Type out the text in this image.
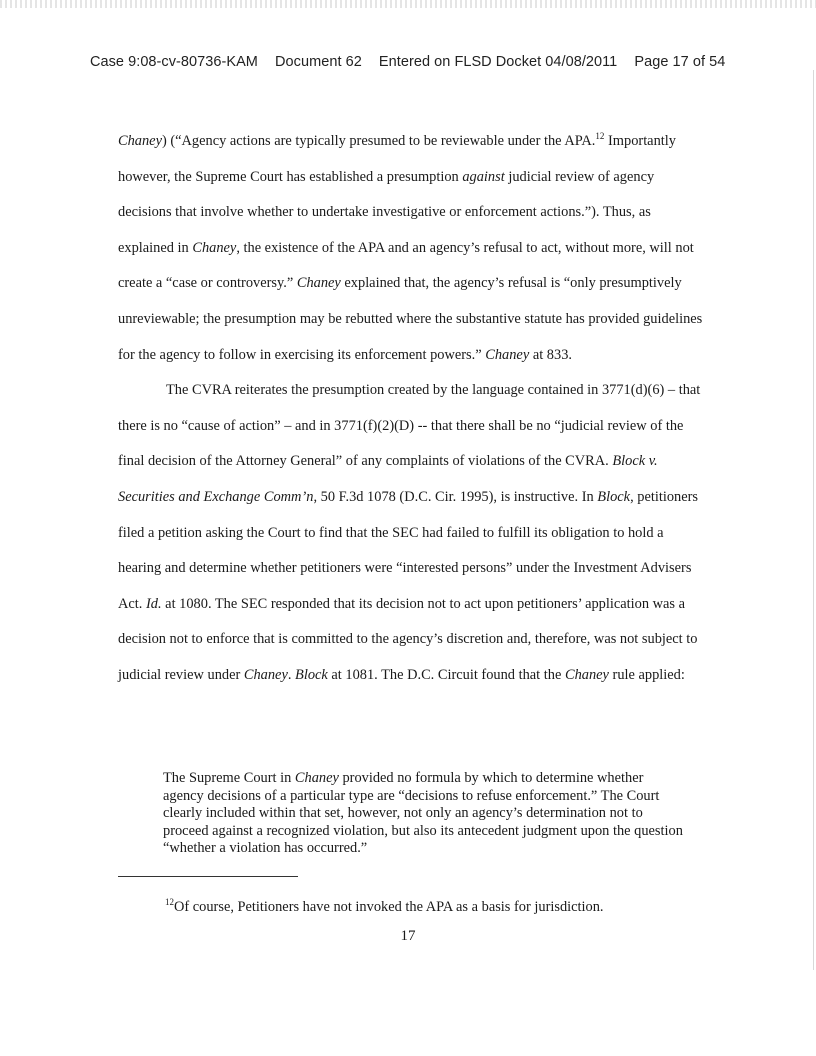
Case 9:08-cv-80736-KAM Document 62 Entered on FLSD Docket 04/08/2011 Page 17 of 54

Chaney) (“Agency actions are typically presumed to be reviewable under the APA.$^{12}$ Importantly however, the Supreme Court has established a presumption against judicial review of agency decisions that involve whether to undertake investigative or enforcement actions.”). Thus, as explained in Chaney, the existence of the APA and an agency’s refusal to act, without more, will not create a “case or controversy.” Chaney explained that, the agency’s refusal is “only presumptively unreviewable; the presumption may be rebutted where the substantive statute has provided guidelines for the agency to follow in exercising its enforcement powers.” Chaney at 833.

The CVRA reiterates the presumption created by the language contained in 3771(d)(6) – that there is no “cause of action” – and in 3771(f)(2)(D) -- that there shall be no “judicial review of the final decision of the Attorney General” of any complaints of violations of the CVRA. Block v. Securities and Exchange Comm’n, 50 F.3d 1078 (D.C. Cir. 1995), is instructive. In Block, petitioners filed a petition asking the Court to find that the SEC had failed to fulfill its obligation to hold a hearing and determine whether petitioners were “interested persons” under the Investment Advisers Act. Id. at 1080. The SEC responded that its decision not to act upon petitioners’ application was a decision not to enforce that is committed to the agency’s discretion and, therefore, was not subject to judicial review under Chaney. Block at 1081. The D.C. Circuit found that the Chaney rule applied:

The Supreme Court in Chaney provided no formula by which to determine whether agency decisions of a particular type are “decisions to refuse enforcement.” The Court clearly included within that set, however, not only an agency’s determination not to proceed against a recognized violation, but also its antecedent judgment upon the question “whether a violation has occurred.”

$^{12}$Of course, Petitioners have not invoked the APA as a basis for jurisdiction.
17
